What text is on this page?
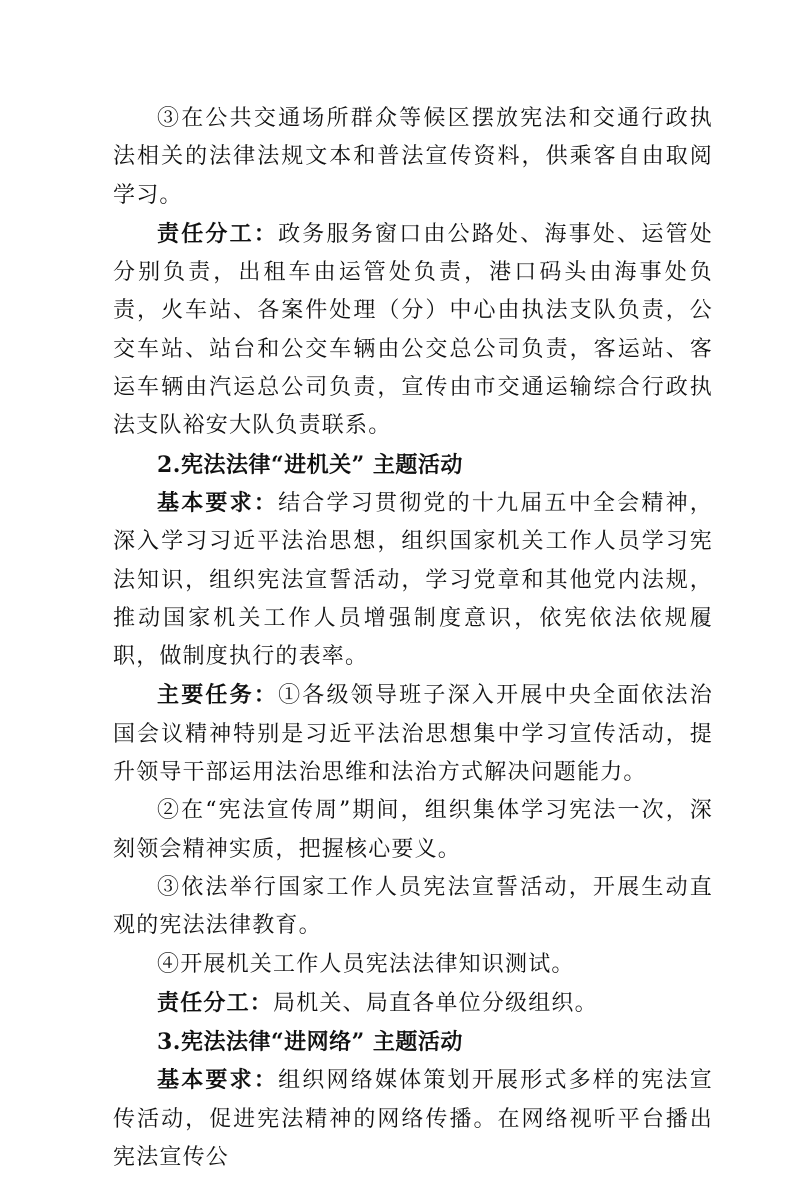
③在公共交通场所群众等候区摆放宪法和交通行政执法相关的法律法规文本和普法宣传资料，供乘客自由取阅学习。

责任分工：政务服务窗口由公路处、海事处、运管处分别负责，出租车由运管处负责，港口码头由海事处负责，火车站、各案件处理（分）中心由执法支队负责，公交车站、站台和公交车辆由公交总公司负责，客运站、客运车辆由汽运总公司负责，宣传由市交通运输综合行政执法支队裕安大队负责联系。

2.宪法法律“进机关” 主题活动

基本要求：结合学习贯彻党的十九届五中全会精神，深入学习习近平法治思想，组织国家机关工作人员学习宪法知识，组织宪法宣誓活动，学习党章和其他党内法规，推动国家机关工作人员增强制度意识，依宪依法依规履职，做制度执行的表率。

主要任务：①各级领导班子深入开展中央全面依法治国会议精神特别是习近平法治思想集中学习宣传活动，提升领导干部运用法治思维和法治方式解决问题能力。

②在“宪法宣传周”期间，组织集体学习宪法一次，深刻领会精神实质，把握核心要义。

③依法举行国家工作人员宪法宣誓活动，开展生动直观的宪法法律教育。

④开展机关工作人员宪法法律知识测试。

责任分工：局机关、局直各单位分级组织。

3.宪法法律“进网络” 主题活动

基本要求：组织网络媒体策划开展形式多样的宪法宣传活动，促进宪法精神的网络传播。在网络视听平台播出宪法宣传公
